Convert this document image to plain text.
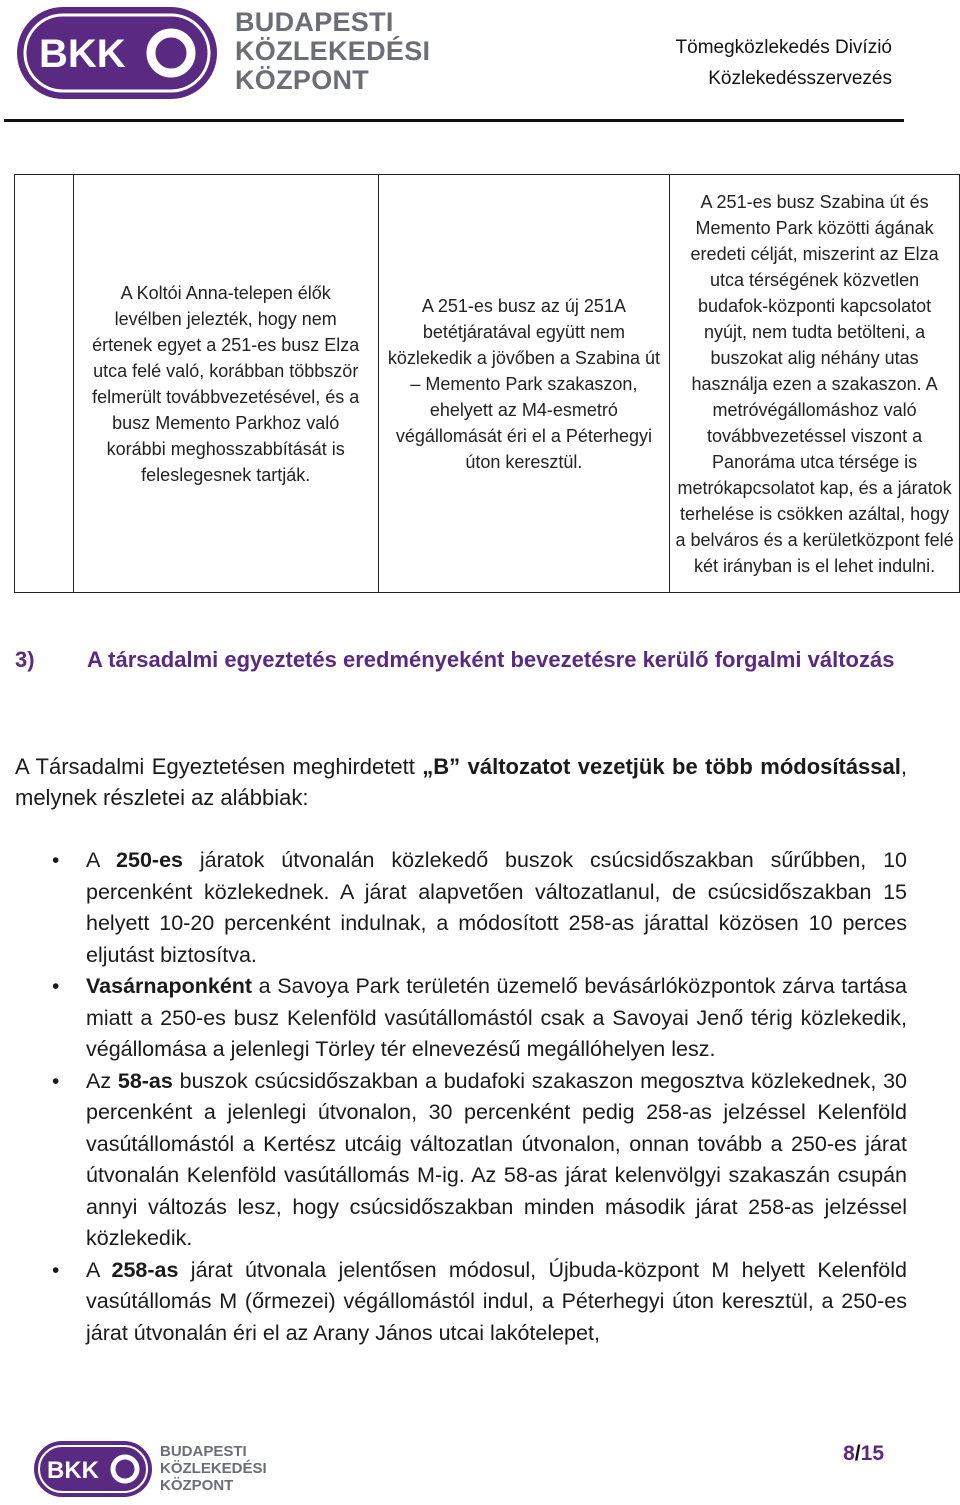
BKK
BUDAPESTI
KÖZLEKEDÉSI
KÖZPONT
Tömegközlekedés Divízió
Közlekedésszervezés
	A Koltói Anna-telepen élők levélben jelezték, hogy nem értenek egyet a 251-es busz Elza utca felé való, korábban többször felmerült továbbvezetésével, és a busz Memento Parkhoz való korábbi meghosszabbítását is feleslegesnek tartják.	A 251-es busz az új 251A betétjáratával együtt nem közlekedik a jövőben a Szabina út – Memento Park szakaszon, ehelyett az M4-esmetró végállomását éri el a Péterhegyi úton keresztül.	A 251-es busz Szabina út és Memento Park közötti ágának eredeti célját, miszerint az Elza utca térségének közvetlen budafok-központi kapcsolatot nyújt, nem tudta betölteni, a buszokat alig néhány utas használja ezen a szakaszon. A metróvégállomáshoz való továbbvezetéssel viszont a Panoráma utca térsége is metrókapcsolatot kap, és a járatok terhelése is csökken azáltal, hogy a belváros és a kerületközpont felé két irányban is el lehet indulni.
3) A társadalmi egyeztetés eredményeként bevezetésre kerülő forgalmi változás

A Társadalmi Egyeztetésen meghirdetett „B” változatot vezetjük be több módosítással, melynek részletei az alábbiak:

• A 250-es járatok útvonalán közlekedő buszok csúcsidőszakban sűrűbben, 10 percenként közlekednek. A járat alapvetően változatlanul, de csúcsidőszakban 15 helyett 10-20 percenként indulnak, a módosított 258-as járattal közösen 10 perces eljutást biztosítva.
• Vasárnaponként a Savoya Park területén üzemelő bevásárlóközpontok zárva tartása miatt a 250-es busz Kelenföld vasútállomástól csak a Savoyai Jenő térig közlekedik, végállomása a jelenlegi Törley tér elnevezésű megállóhelyen lesz.
• Az 58-as buszok csúcsidőszakban a budafoki szakaszon megosztva közlekednek, 30 percenként a jelenlegi útvonalon, 30 percenként pedig 258-as jelzéssel Kelenföld vasútállomástól a Kertész utcáig változatlan útvonalon, onnan tovább a 250-es járat útvonalán Kelenföld vasútállomás M-ig. Az 58-as járat kelenvölgyi szakaszán csupán annyi változás lesz, hogy csúcsidőszakban minden második járat 258-as jelzéssel közlekedik.
• A 258-as járat útvonala jelentősen módosul, Újbuda-központ M helyett Kelenföld vasútállomás M (őrmezei) végállomástól indul, a Péterhegyi úton keresztül, a 250-es járat útvonalán éri el az Arany János utcai lakótelepet,
BKK
BUDAPESTI
KÖZLEKEDÉSI
KÖZPONT
8/15
